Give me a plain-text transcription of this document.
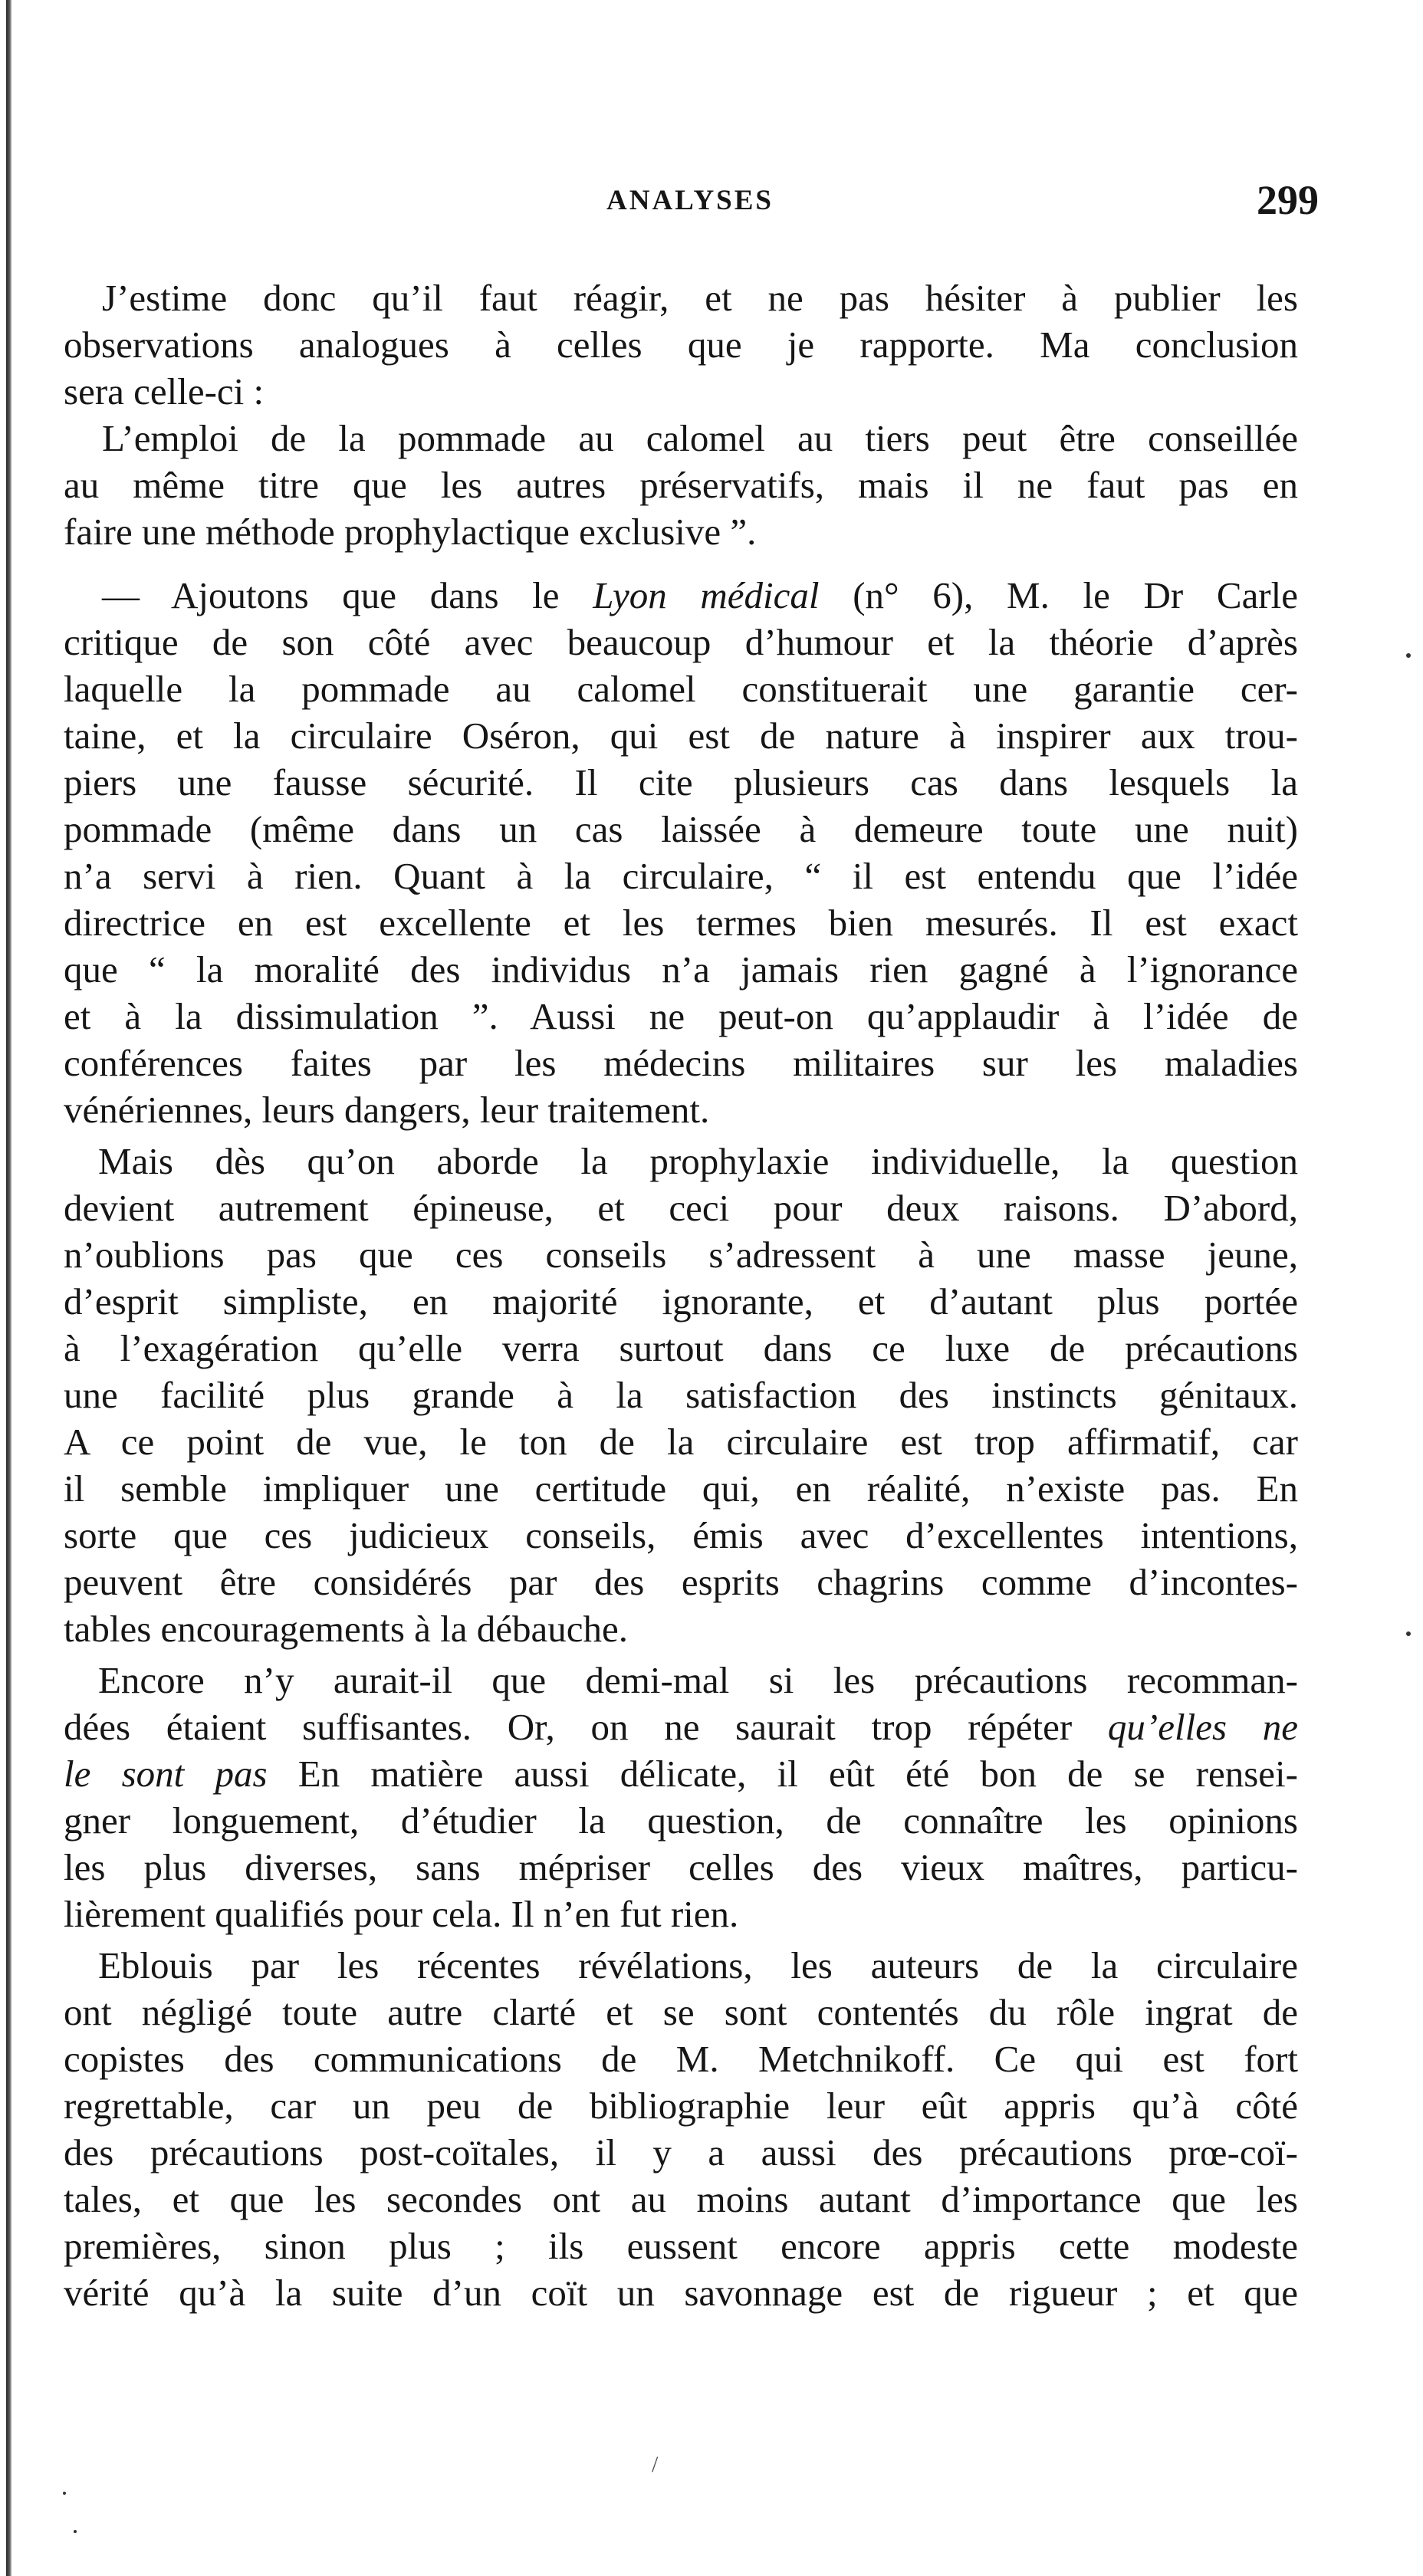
ANALYSES	299
J’estime donc qu’il faut réagir, et ne pas hésiter à publier les
observations analogues à celles que je rapporte. Ma conclusion
sera celle-ci :
L’emploi de la pommade au calomel au tiers peut être conseillée
au même titre que les autres préservatifs, mais il ne faut pas en
faire une méthode prophylactique exclusive ”.
— Ajoutons que dans le Lyon médical (n° 6), M. le Dr Carle
critique de son côté avec beaucoup d’humour et la théorie d’après
laquelle la pommade au calomel constituerait une garantie cer-
taine, et la circulaire Oséron, qui est de nature à inspirer aux trou-
piers une fausse sécurité. Il cite plusieurs cas dans lesquels la
pommade (même dans un cas laissée à demeure toute une nuit)
n’a servi à rien. Quant à la circulaire, “ il est entendu que l’idée
directrice en est excellente et les termes bien mesurés. Il est exact
que “ la moralité des individus n’a jamais rien gagné à l’ignorance
et à la dissimulation ”. Aussi ne peut-on qu’applaudir à l’idée de
conférences faites par les médecins militaires sur les maladies
vénériennes, leurs dangers, leur traitement.
Mais dès qu’on aborde la prophylaxie individuelle, la question
devient autrement épineuse, et ceci pour deux raisons. D’abord,
n’oublions pas que ces conseils s’adressent à une masse jeune,
d’esprit simpliste, en majorité ignorante, et d’autant plus portée
à l’exagération qu’elle verra surtout dans ce luxe de précautions
une facilité plus grande à la satisfaction des instincts génitaux.
A ce point de vue, le ton de la circulaire est trop affirmatif, car
il semble impliquer une certitude qui, en réalité, n’existe pas. En
sorte que ces judicieux conseils, émis avec d’excellentes intentions,
peuvent être considérés par des esprits chagrins comme d’incontes-
tables encouragements à la débauche.
Encore n’y aurait-il que demi-mal si les précautions recomman-
dées étaient suffisantes. Or, on ne saurait trop répéter qu’elles ne
le sont pas En matière aussi délicate, il eût été bon de se rensei-
gner longuement, d’étudier la question, de connaître les opinions
les plus diverses, sans mépriser celles des vieux maîtres, particu-
lièrement qualifiés pour cela. Il n’en fut rien.
Eblouis par les récentes révélations, les auteurs de la circulaire
ont négligé toute autre clarté et se sont contentés du rôle ingrat de
copistes des communications de M. Metchnikoff. Ce qui est fort
regrettable, car un peu de bibliographie leur eût appris qu’à côté
des précautions post-coïtales, il y a aussi des précautions prœ-coï-
tales, et que les secondes ont au moins autant d’importance que les
premières, sinon plus ; ils eussent encore appris cette modeste
vérité qu’à la suite d’un coït un savonnage est de rigueur ; et que
/
